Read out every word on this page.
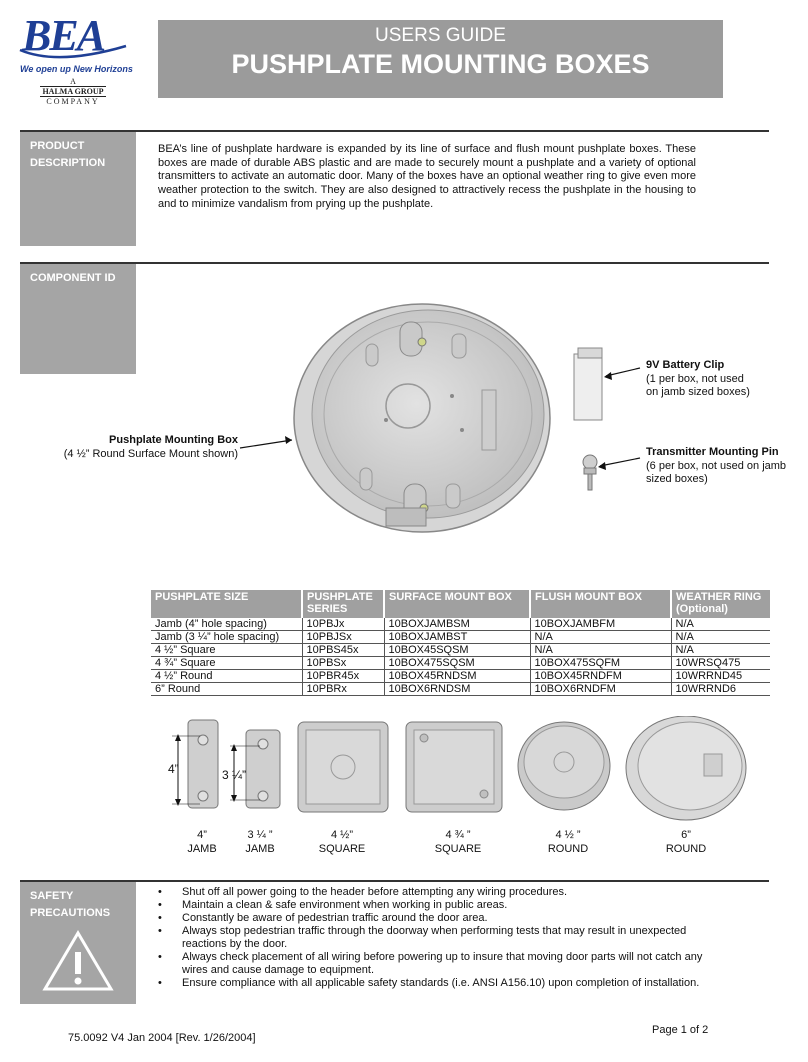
BEA
We open up New Horizons
A
HALMA GROUP
COMPANY
USERS GUIDE
PUSHPLATE MOUNTING BOXES
PRODUCT
DESCRIPTION
BEA’s line of pushplate hardware is expanded by its line of surface and flush mount pushplate boxes. These boxes are made of durable ABS plastic and are made to securely mount a pushplate and a variety of optional transmitters to activate an automatic door. Many of the boxes have an optional weather ring to give even more weather protection to the switch. They are also designed to attractively recess the pushplate in the housing to and to minimize vandalism from prying up the pushplate.
COMPONENT ID
Pushplate Mounting Box
(4 ½” Round Surface Mount shown)
9V Battery Clip
(1 per box, not used
on jamb sized boxes)
Transmitter Mounting Pin
(6 per box, not used on jamb
sized boxes)
PUSHPLATE SIZE	PUSHPLATE SERIES	SURFACE MOUNT BOX	FLUSH MOUNT BOX	WEATHER RING (Optional)
Jamb (4” hole spacing)	10PBJx	10BOXJAMBSM	10BOXJAMBFM	N/A
Jamb (3 ¼” hole spacing)	10PBJSx	10BOXJAMBST	N/A	N/A
4 ½” Square	10PBS45x	10BOX45SQSM	N/A	N/A
4 ¾” Square	10PBSx	10BOX475SQSM	10BOX475SQFM	10WRSQ475
4 ½” Round	10PBR45x	10BOX45RNDSM	10BOX45RNDFM	10WRRND45
6” Round	10PBRx	10BOX6RNDSM	10BOX6RNDFM	10WRRND6
4”	3 ¼”
4”
JAMB
3 ¼ ”
JAMB
4 ½”
SQUARE
4 ¾ ”
SQUARE
4 ½ ”
ROUND
6”
ROUND
SAFETY
PRECAUTIONS
• Shut off all power going to the header before attempting any wiring procedures.
• Maintain a clean & safe environment when working in public areas.
• Constantly be aware of pedestrian traffic around the door area.
• Always stop pedestrian traffic through the doorway when performing tests that may result in unexpected reactions by the door.
• Always check placement of all wiring before powering up to insure that moving door parts will not catch any wires and cause damage to equipment.
• Ensure compliance with all applicable safety standards (i.e. ANSI A156.10) upon completion of installation.
75.0092 V4 Jan 2004 [Rev. 1/26/2004]
Page 1 of 2
